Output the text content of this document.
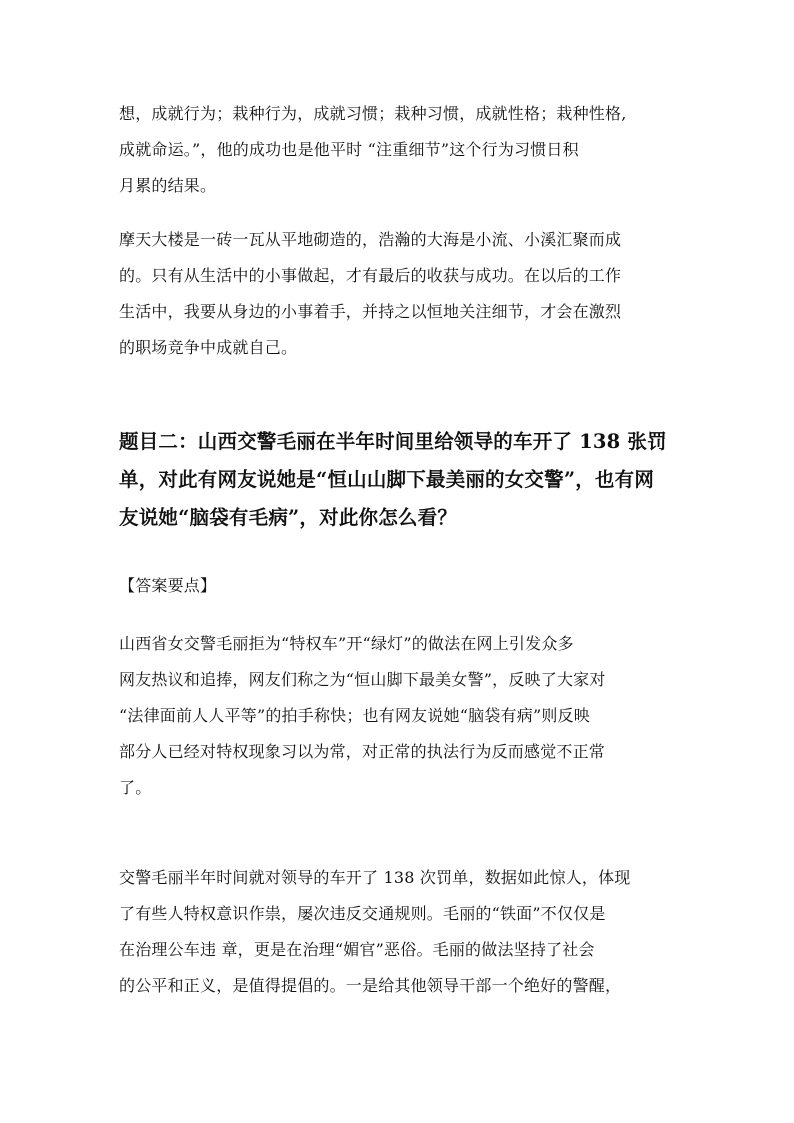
想，成就行为；栽种行为，成就习惯；栽种习惯，成就性格；栽种性格,
成就命运。”，他的成功也是他平时 “注重细节”这个行为习惯日积
月累的结果。
摩天大楼是一砖一瓦从平地砌造的，浩瀚的大海是小流、小溪汇聚而成
的。只有从生活中的小事做起，才有最后的收获与成功。在以后的工作
生活中，我要从身边的小事着手，并持之以恒地关注细节，才会在激烈
的职场竞争中成就自己。
题目二：山西交警毛丽在半年时间里给领导的车开了 138 张罚
单，对此有网友说她是“恒山山脚下最美丽的女交警”，也有网
友说她“脑袋有毛病”，对此你怎么看？
【答案要点】
山西省女交警毛丽拒为“特权车”开“绿灯”的做法在网上引发众多
网友热议和追捧，网友们称之为“恒山脚下最美女警”，反映了大家对
“法律面前人人平等”的拍手称快；也有网友说她“脑袋有病”则反映
部分人已经对特权现象习以为常，对正常的执法行为反而感觉不正常
了。
交警毛丽半年时间就对领导的车开了 138 次罚单，数据如此惊人，体现
了有些人特权意识作祟，屡次违反交通规则。毛丽的“铁面”不仅仅是
在治理公车违 章，更是在治理“媚官”恶俗。毛丽的做法坚持了社会
的公平和正义，是值得提倡的。一是给其他领导干部一个绝好的警醒，
